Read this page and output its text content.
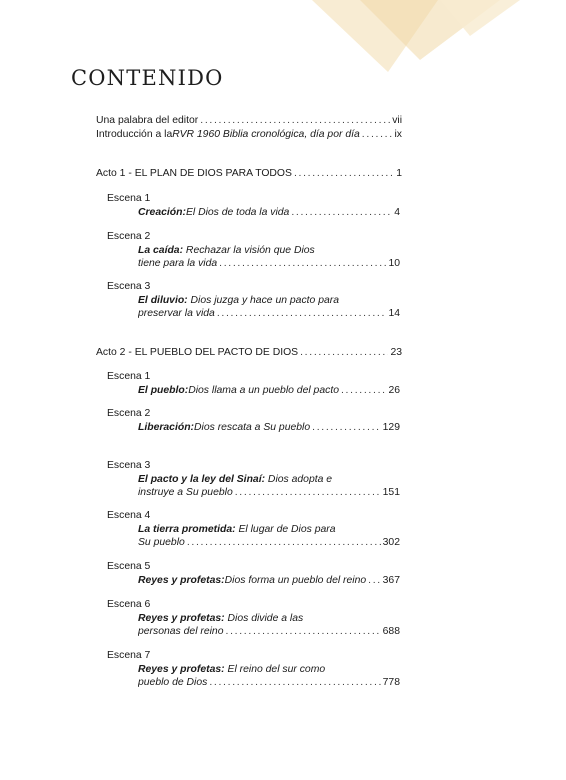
CONTENIDO
Una palabra del editor . . .	vii
Introducción a la RVR 1960 Biblia cronológica, día por día . . .	ix
Acto 1 - EL PLAN DE DIOS PARA TODOS . . .	1
Escena 1
Creación: El Dios de toda la vida . . .	4
Escena 2
La caída: Rechazar la visión que Dios
tiene para la vida . . .	10
Escena 3
El diluvio: Dios juzga y hace un pacto para
preservar la vida . . .	14
Acto 2 - EL PUEBLO DEL PACTO DE DIOS . . .	23
Escena 1
El pueblo: Dios llama a un pueblo del pacto . . .	26
Escena 2
Liberación: Dios rescata a Su pueblo . . .	129
Escena 3
El pacto y la ley del Sinaí: Dios adopta e
instruye a Su pueblo . . .	151
Escena 4
La tierra prometida: El lugar de Dios para
Su pueblo . . .	302
Escena 5
Reyes y profetas: Dios forma un pueblo del reino . . . 367
Escena 6
Reyes y profetas: Dios divide a las
personas del reino . . .	688
Escena 7
Reyes y profetas: El reino del sur como
pueblo de Dios . . .	778
